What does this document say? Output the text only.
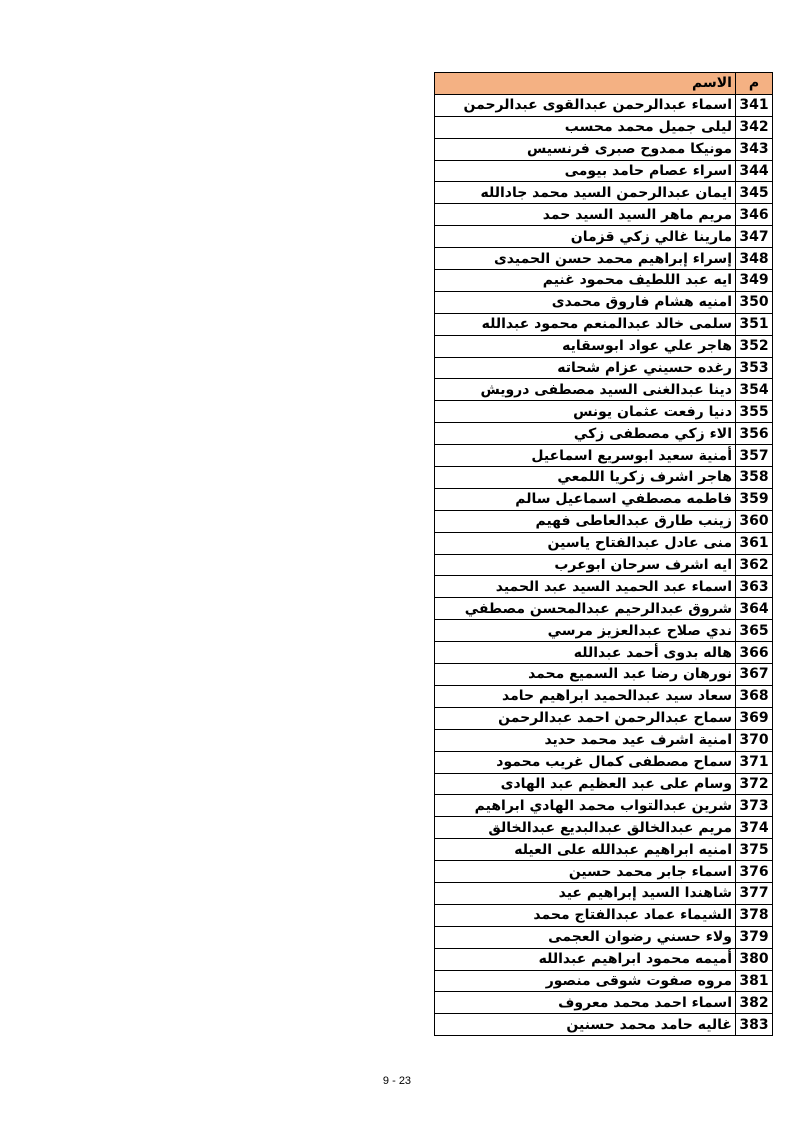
الاسم	م
اسماء عبدالرحمن عبدالقوى عبدالرحمن	341
ليلى جميل محمد محسب	342
مونيكا ممدوح صبرى فرنسيس	343
اسراء عصام حامد بيومى	344
ايمان عبدالرحمن السيد محمد جادالله	345
مريم ماهر السيد السيد حمد	346
مارينا غالي زكي قزمان	347
إسراء إبراهيم محمد حسن الحميدى	348
ايه عبد اللطيف محمود غنيم	349
امنيه هشام فاروق محمدى	350
سلمى خالد عبدالمنعم محمود عبدالله	351
هاجر علي عواد ابوسقايه	352
رغده حسيني عزام شحاته	353
دينا عبدالغنى السيد مصطفى درويش	354
دنيا رفعت عثمان يونس	355
الاء زكي مصطفى زكي	356
أمنية سعيد ابوسريع اسماعيل	357
هاجر اشرف زكريا اللمعي	358
فاطمه مصطفي اسماعيل سالم	359
زينب طارق عبدالعاطى فهيم	360
منى عادل عبدالفتاح ياسين	361
ايه اشرف سرحان ابوعرب	362
اسماء عبد الحميد السيد عبد الحميد	363
شروق عبدالرحيم عبدالمحسن مصطفي	364
ندي صلاح عبدالعزيز مرسي	365
هاله بدوى أحمد عبدالله	366
نورهان رضا عبد السميع محمد	367
سعاد سيد عبدالحميد ابراهيم حامد	368
سماح عبدالرحمن احمد عبدالرحمن	369
امنية اشرف عيد محمد حديد	370
سماح مصطفى كمال غريب محمود	371
وسام على عبد العظيم عبد الهادى	372
شرين عبدالتواب محمد الهادي ابراهيم	373
مريم عبدالخالق عبدالبديع عبدالخالق	374
امنيه ابراهيم عبدالله على العيله	375
اسماء جابر محمد حسين	376
شاهندا السيد إبراهيم عيد	377
الشيماء عماد عبدالفتاج محمد	378
ولاء حسني رضوان العجمى	379
أميمه محمود ابراهيم عبدالله	380
مروه صفوت شوقى منصور	381
اسماء احمد محمد معروف	382
غاليه حامد محمد حسنين	383
9 - 23
